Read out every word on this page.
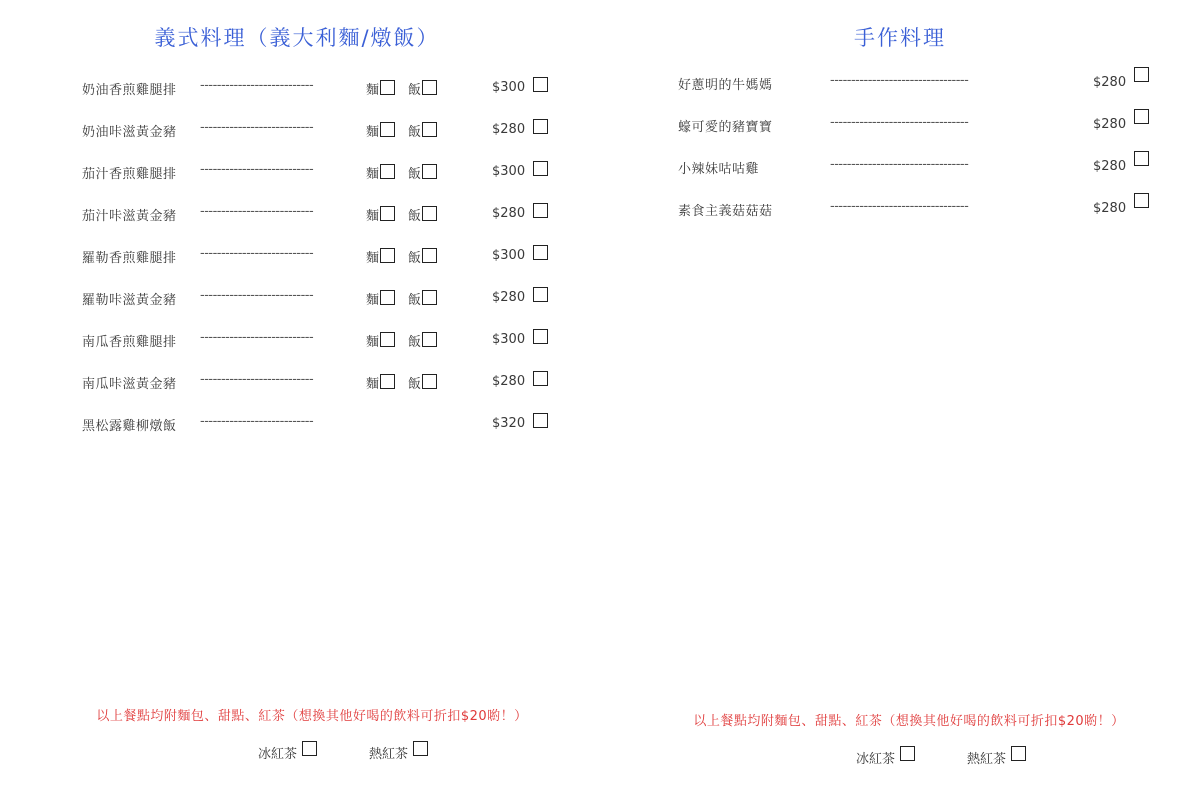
義式料理（義大利麵/燉飯）
奶油香煎雞腿排 ---------------------------	麵	飯	$300
奶油咔滋黃金豬 ---------------------------	麵	飯	$280
茄汁香煎雞腿排 ---------------------------	麵	飯	$300
茄汁咔滋黃金豬 ---------------------------	麵	飯	$280
羅勒香煎雞腿排 ---------------------------	麵	飯	$300
羅勒咔滋黃金豬 ---------------------------	麵	飯	$280
南瓜香煎雞腿排 ---------------------------	麵	飯	$300
南瓜咔滋黃金豬 ---------------------------	麵	飯	$280
黑松露雞柳燉飯 ---------------------------	$320
以上餐點均附麵包、甜點、紅茶（想換其他好喝的飲料可折扣$20喲！）
冰紅茶	熱紅茶
手作料理
好蔥明的牛媽媽	---------------------------------	$280
蠔可愛的豬寶寶	---------------------------------	$280
小辣妹咕咕雞	---------------------------------	$280
素食主義菇菇菇	---------------------------------	$280
以上餐點均附麵包、甜點、紅茶（想換其他好喝的飲料可折扣$20喲！）
冰紅茶	熱紅茶
